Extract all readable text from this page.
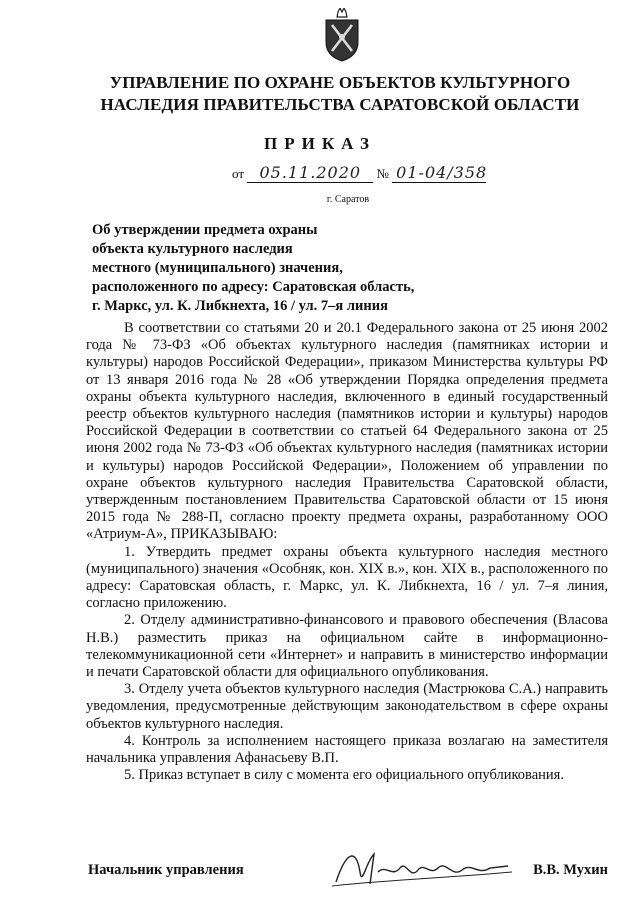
УПРАВЛЕНИЕ ПО ОХРАНЕ ОБЪЕКТОВ КУЛЬТУРНОГО НАСЛЕДИЯ ПРАВИТЕЛЬСТВА САРАТОВСКОЙ ОБЛАСТИ
ПРИКАЗ
от 05.11.2020 № 01-04/358
г. Саратов
Об утверждении предмета охраны
объекта культурного наследия
местного (муниципального) значения,
расположенного по адресу: Саратовская область,
г. Маркс, ул. К. Либкнехта, 16 / ул. 7–я линия

В соответствии со статьями 20 и 20.1 Федерального закона от 25 июня 2002 года № 73-ФЗ «Об объектах культурного наследия (памятниках истории и культуры) народов Российской Федерации», приказом Министерства культуры РФ от 13 января 2016 года № 28 «Об утверждении Порядка определения предмета охраны объекта культурного наследия, включенного в единый государственный реестр объектов культурного наследия (памятников истории и культуры) народов Российской Федерации в соответствии со статьей 64 Федерального закона от 25 июня 2002 года № 73-ФЗ «Об объектах культурного наследия (памятниках истории и культуры) народов Российской Федерации», Положением об управлении по охране объектов культурного наследия Правительства Саратовской области, утвержденным постановлением Правительства Саратовской области от 15 июня 2015 года № 288-П, согласно проекту предмета охраны, разработанному ООО «Атриум-А», ПРИКАЗЫВАЮ:

1. Утвердить предмет охраны объекта культурного наследия местного (муниципального) значения «Особняк, кон. XIX в.», кон. XIX в., расположенного по адресу: Саратовская область, г. Маркс, ул. К. Либкнехта, 16 / ул. 7–я линия, согласно приложению.

2. Отделу административно-финансового и правового обеспечения (Власова Н.В.) разместить приказ на официальном сайте в информационно-телекоммуникационной сети «Интернет» и направить в министерство информации и печати Саратовской области для официального опубликования.

3. Отделу учета объектов культурного наследия (Мастрюкова С.А.) направить уведомления, предусмотренные действующим законодательством в сфере охраны объектов культурного наследия.

4. Контроль за исполнением настоящего приказа возлагаю на заместителя начальника управления Афанасьеву В.П.

5. Приказ вступает в силу с момента его официального опубликования.

Начальник управления	В.В. Мухин
